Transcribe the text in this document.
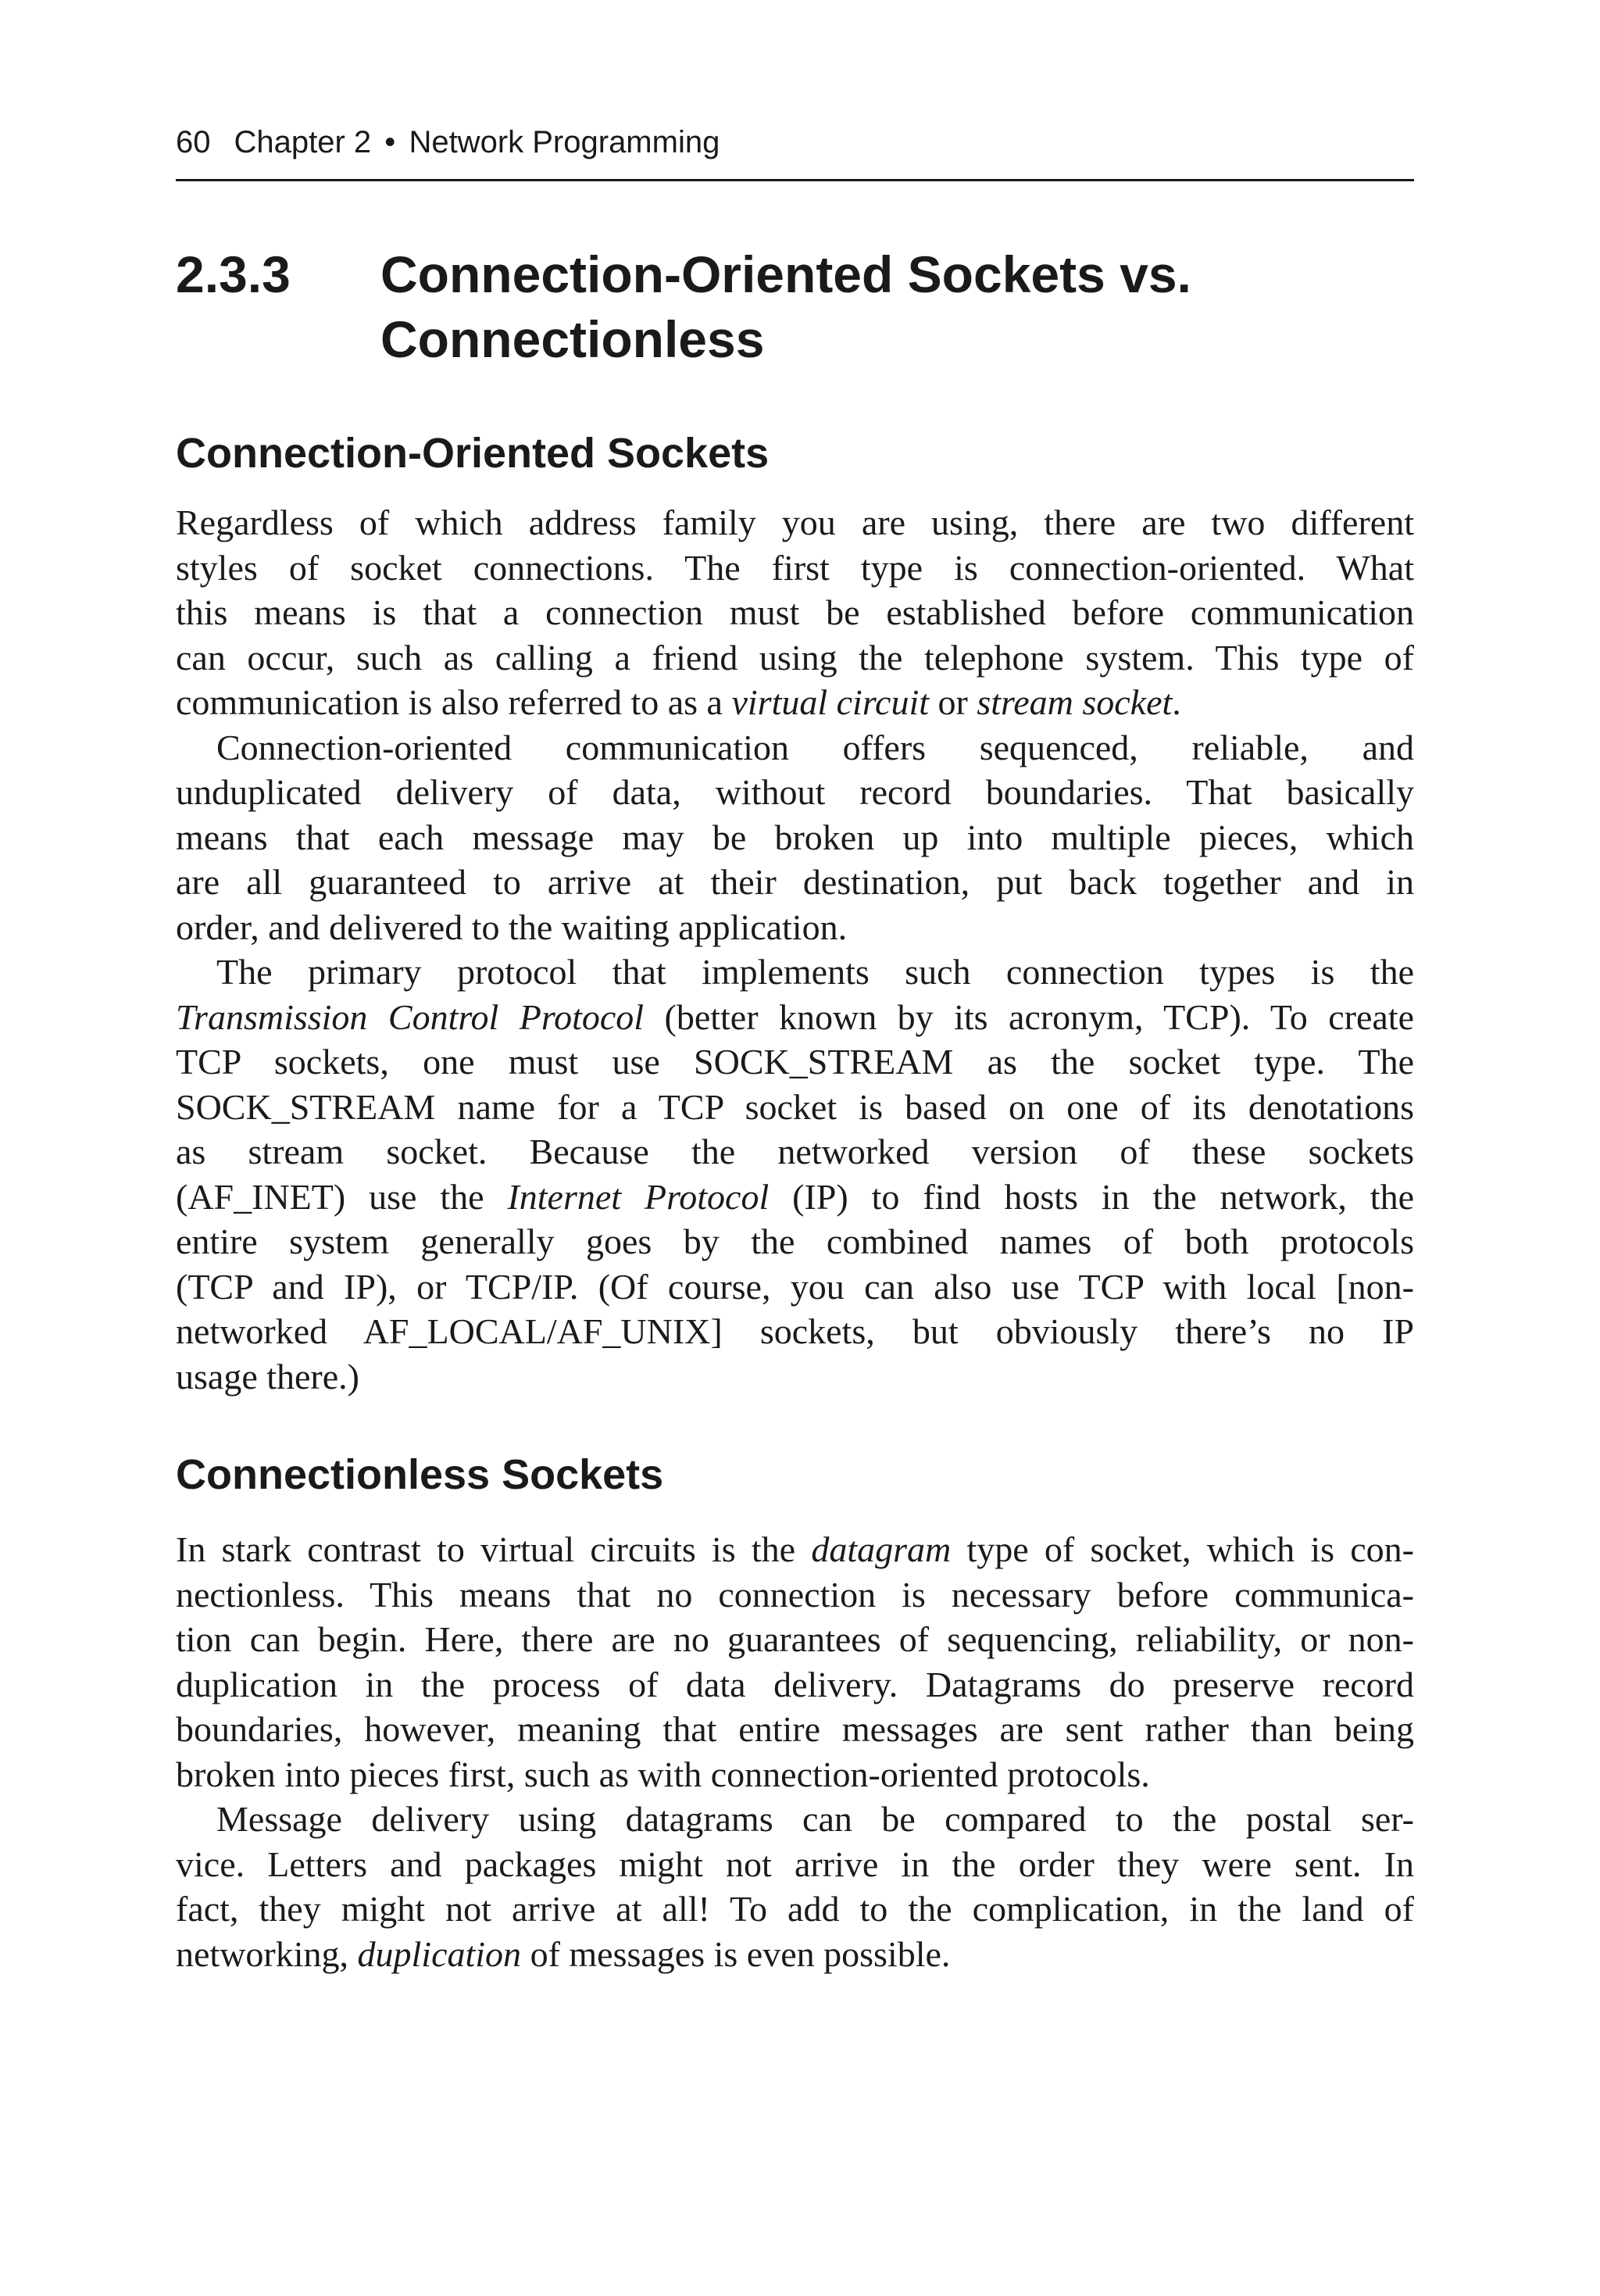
60 Chapter 2 • Network Programming
2.3.3 Connection-Oriented Sockets vs. Connectionless
Connection-Oriented Sockets

Regardless of which address family you are using, there are two different
styles of socket connections. The first type is connection-oriented. What
this means is that a connection must be established before communication
can occur, such as calling a friend using the telephone system. This type of
communication is also referred to as a virtual circuit or stream socket.

Connection-oriented communication offers sequenced, reliable, and
unduplicated delivery of data, without record boundaries. That basically
means that each message may be broken up into multiple pieces, which
are all guaranteed to arrive at their destination, put back together and in
order, and delivered to the waiting application.

The primary protocol that implements such connection types is the
Transmission Control Protocol (better known by its acronym, TCP). To create
TCP sockets, one must use SOCK_STREAM as the socket type. The
SOCK_STREAM name for a TCP socket is based on one of its denotations
as stream socket. Because the networked version of these sockets
(AF_INET) use the Internet Protocol (IP) to find hosts in the network, the
entire system generally goes by the combined names of both protocols
(TCP and IP), or TCP/IP. (Of course, you can also use TCP with local [non-
networked AF_LOCAL/AF_UNIX] sockets, but obviously there’s no IP
usage there.)

Connectionless Sockets

In stark contrast to virtual circuits is the datagram type of socket, which is con-
nectionless. This means that no connection is necessary before communica-
tion can begin. Here, there are no guarantees of sequencing, reliability, or non-
duplication in the process of data delivery. Datagrams do preserve record
boundaries, however, meaning that entire messages are sent rather than being
broken into pieces first, such as with connection-oriented protocols.

Message delivery using datagrams can be compared to the postal ser-
vice. Letters and packages might not arrive in the order they were sent. In
fact, they might not arrive at all! To add to the complication, in the land of
networking, duplication of messages is even possible.
